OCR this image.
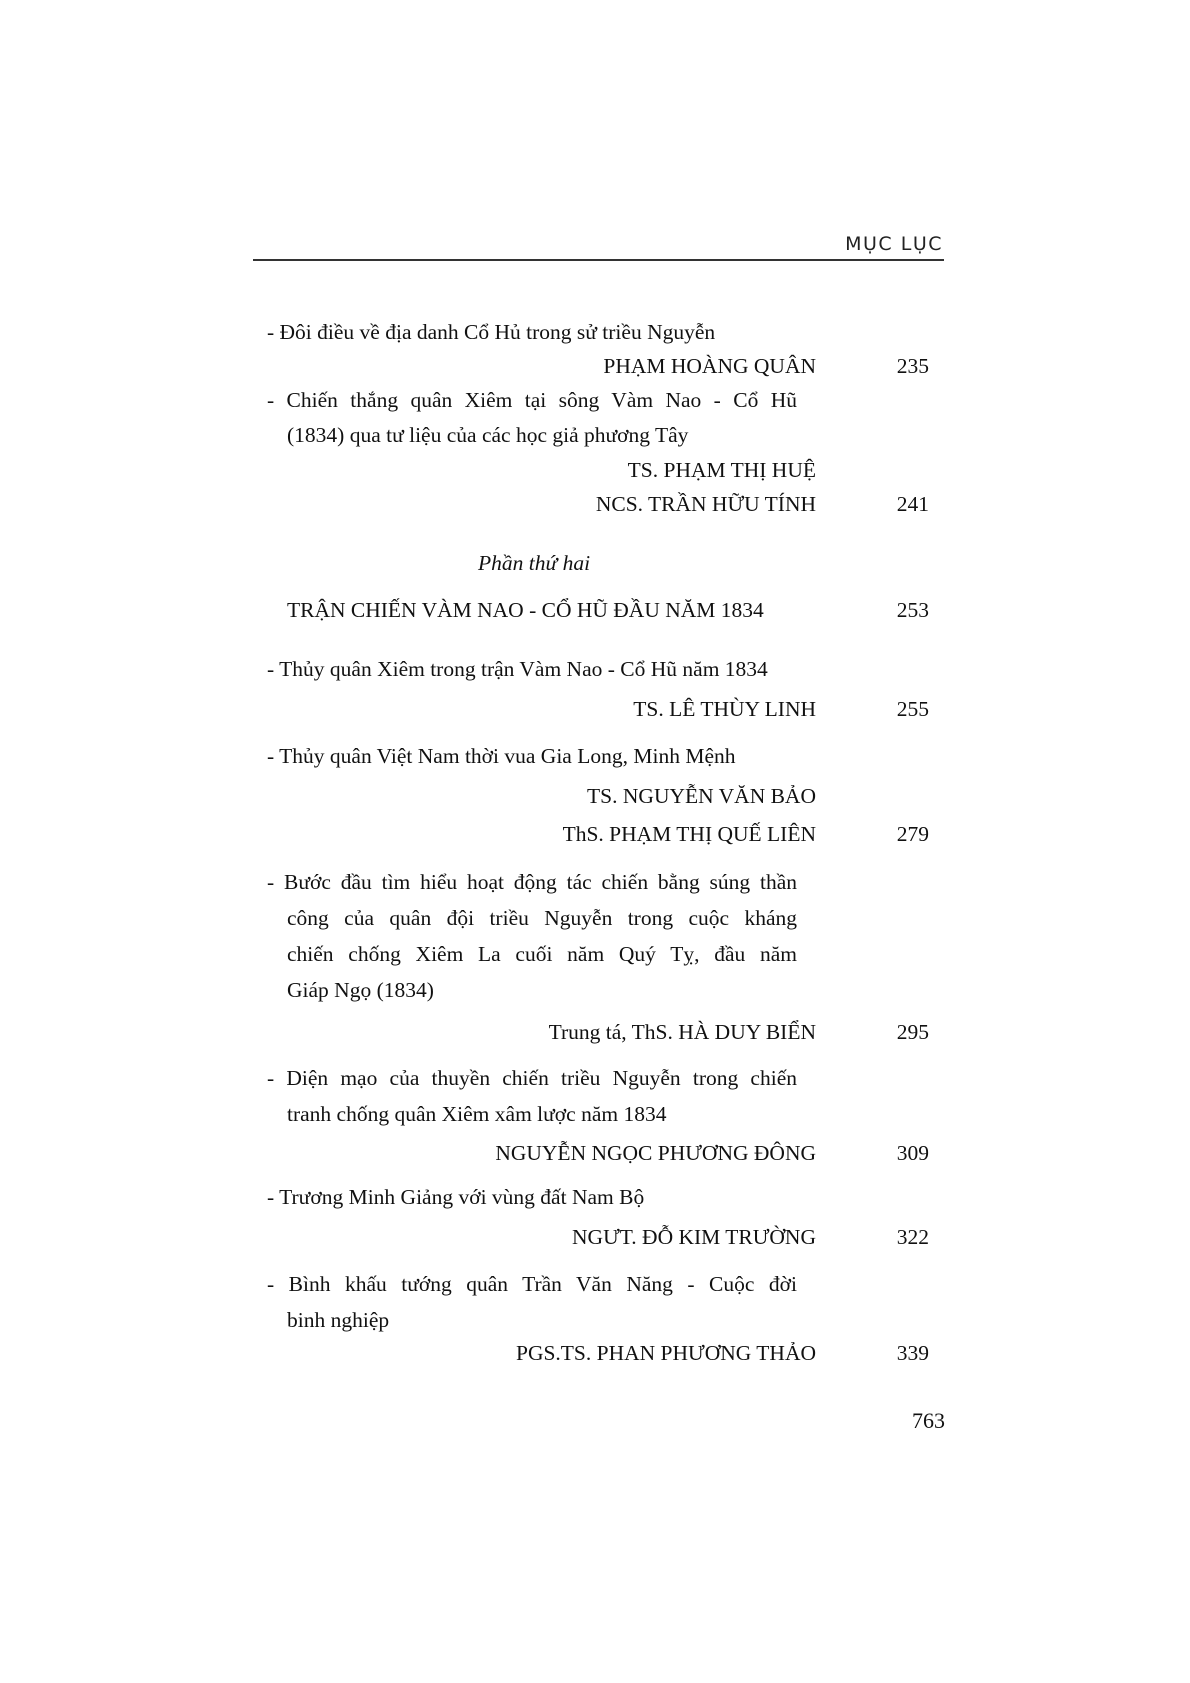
MỤC LỤC
- Đôi điều về địa danh Cổ Hủ trong sử triều Nguyễn
PHẠM HOÀNG QUÂN	235
- Chiến thắng quân Xiêm tại sông Vàm Nao - Cổ Hũ
(1834) qua tư liệu của các học giả phương Tây
TS. PHẠM THỊ HUỆ
NCS. TRẦN HỮU TÍNH	241
Phần thứ hai
TRẬN CHIẾN VÀM NAO - CỔ HŨ ĐẦU NĂM 1834	253
- Thủy quân Xiêm trong trận Vàm Nao - Cổ Hũ năm 1834
TS. LÊ THÙY LINH	255
- Thủy quân Việt Nam thời vua Gia Long, Minh Mệnh
TS. NGUYỄN VĂN BẢO
ThS. PHẠM THỊ QUẾ LIÊN	279
- Bước đầu tìm hiểu hoạt động tác chiến bằng súng thần
công của quân đội triều Nguyễn trong cuộc kháng
chiến chống Xiêm La cuối năm Quý Tỵ, đầu năm
Giáp Ngọ (1834)
Trung tá, ThS. HÀ DUY BIỂN	295
- Diện mạo của thuyền chiến triều Nguyễn trong chiến
tranh chống quân Xiêm xâm lược năm 1834
NGUYỄN NGỌC PHƯƠNG ĐÔNG	309
- Trương Minh Giảng với vùng đất Nam Bộ
NGƯT. ĐỖ KIM TRƯỜNG	322
- Bình khấu tướng quân Trần Văn Năng - Cuộc đời
binh nghiệp
PGS.TS. PHAN PHƯƠNG THẢO	339
763
